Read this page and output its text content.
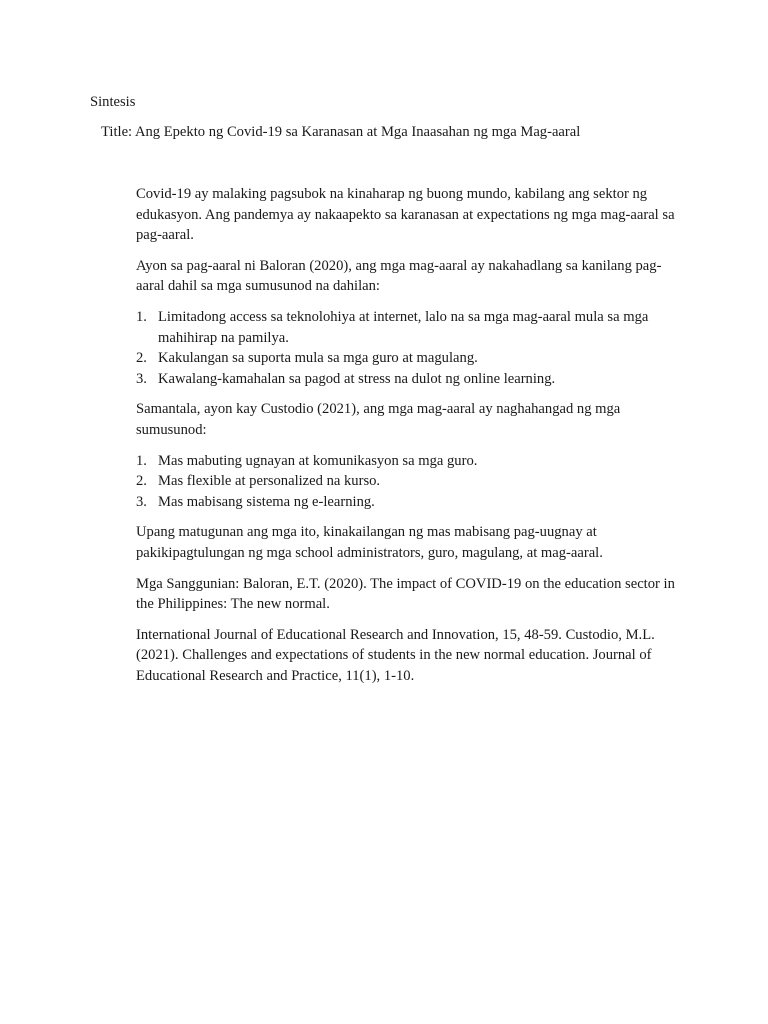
Sintesis

Title: Ang Epekto ng Covid-19 sa Karanasan at Mga Inaasahan ng mga Mag-aaral

Covid-19 ay malaking pagsubok na kinaharap ng buong mundo, kabilang ang sektor ng edukasyon. Ang pandemya ay nakaapekto sa karanasan at expectations ng mga mag-aaral sa pag-aaral.

Ayon sa pag-aaral ni Baloran (2020), ang mga mag-aaral ay nakahadlang sa kanilang pag-aaral dahil sa mga sumusunod na dahilan:

1. Limitadong access sa teknolohiya at internet, lalo na sa mga mag-aaral mula sa mga mahihirap na pamilya.
2. Kakulangan sa suporta mula sa mga guro at magulang.
3. Kawalang-kamahalan sa pagod at stress na dulot ng online learning.

Samantala, ayon kay Custodio (2021), ang mga mag-aaral ay naghahangad ng mga sumusunod:

1. Mas mabuting ugnayan at komunikasyon sa mga guro.
2. Mas flexible at personalized na kurso.
3. Mas mabisang sistema ng e-learning.

Upang matugunan ang mga ito, kinakailangan ng mas mabisang pag-uugnay at pakikipagtulungan ng mga school administrators, guro, magulang, at mag-aaral.

Mga Sanggunian: Baloran, E.T. (2020). The impact of COVID-19 on the education sector in the Philippines: The new normal.

International Journal of Educational Research and Innovation, 15, 48-59. Custodio, M.L. (2021). Challenges and expectations of students in the new normal education. Journal of Educational Research and Practice, 11(1), 1-10.
